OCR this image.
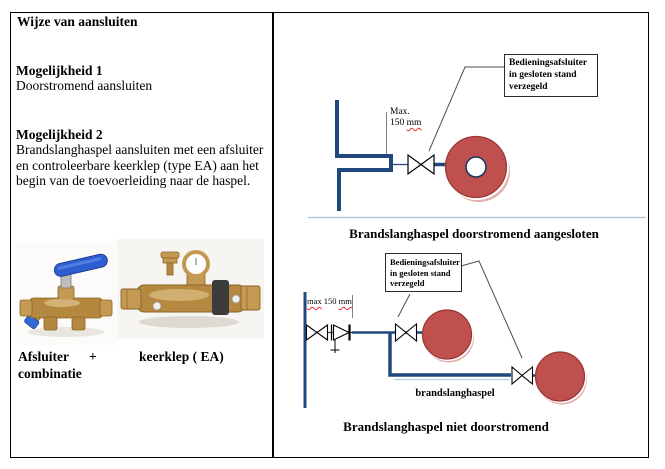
Wijze van aansluiten
Mogelijkheid 1
Doorstromend aansluiten
Mogelijkheid 2
Brandslanghaspel aansluiten met een afsluiter en controleerbare keerklep (type EA) aan het begin van de toevoerleiding naar de haspel.
Afsluiter +	keerklep ( EA)
combinatie
Bedieningsafsluiter
in gesloten stand
verzegeld
Max.
150 mm
Brandslanghaspel doorstromend aangesloten
Bedieningsafsluiter
in gesloten stand
verzegeld
max 150 mm
brandslanghaspel
Brandslanghaspel niet doorstromend
